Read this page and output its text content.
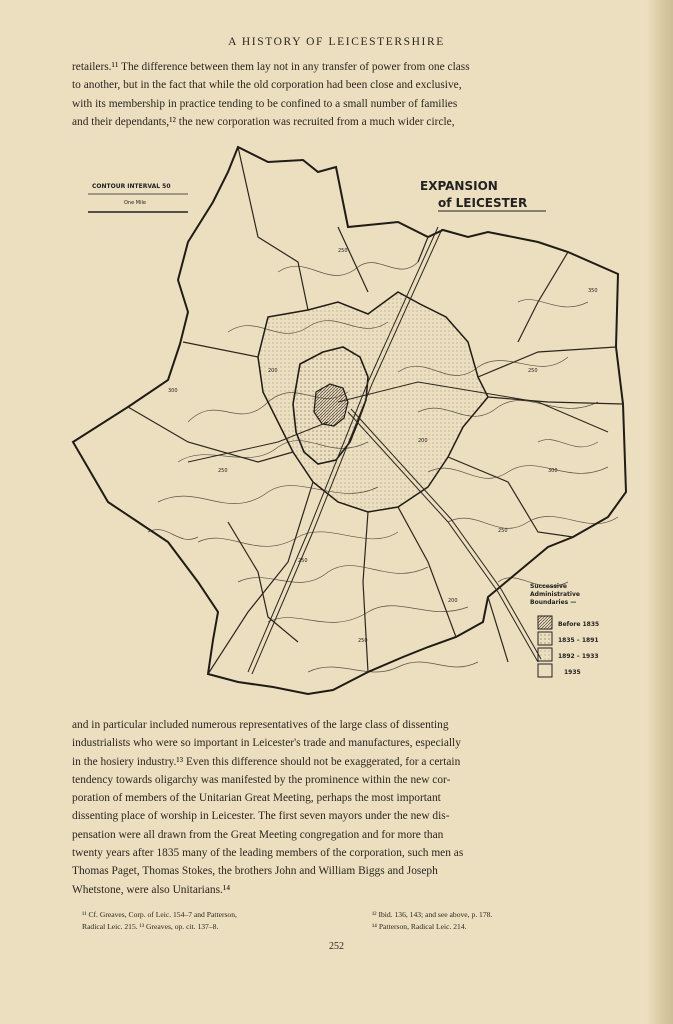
A HISTORY OF LEICESTERSHIRE
retailers.¹¹ The difference between them lay not in any transfer of power from one class
to another, but in the fact that while the old corporation had been close and exclusive,
with its membership in practice tending to be confined to a small number of families
and their dependants,¹² the new corporation was recruited from a much wider circle,
250
200
250
200
250
300
250
200
250
350
300
250
EXPANSION
of LEICESTER
CONTOUR INTERVAL 50
One Mile
Successive
Administrative
Boundaries —
Before 1835
1835 – 1891
1892 – 1933
1935
and in particular included numerous representatives of the large class of dissenting
industrialists who were so important in Leicester's trade and manufactures, especially
in the hosiery industry.¹³ Even this difference should not be exaggerated, for a certain
tendency towards oligarchy was manifested by the prominence within the new cor-
poration of members of the Unitarian Great Meeting, perhaps the most important
dissenting place of worship in Leicester. The first seven mayors under the new dis-
pensation were all drawn from the Great Meeting congregation and for more than
twenty years after 1835 many of the leading members of the corporation, such men as
Thomas Paget, Thomas Stokes, the brothers John and William Biggs and Joseph
Whetstone, were also Unitarians.¹⁴
¹¹ Cf. Greaves, Corp. of Leic. 154–7 and Patterson,
Radical Leic. 215. ¹³ Greaves, op. cit. 137–8.
¹² Ibid. 136, 143; and see above, p. 178.
¹⁴ Patterson, Radical Leic. 214.
252
